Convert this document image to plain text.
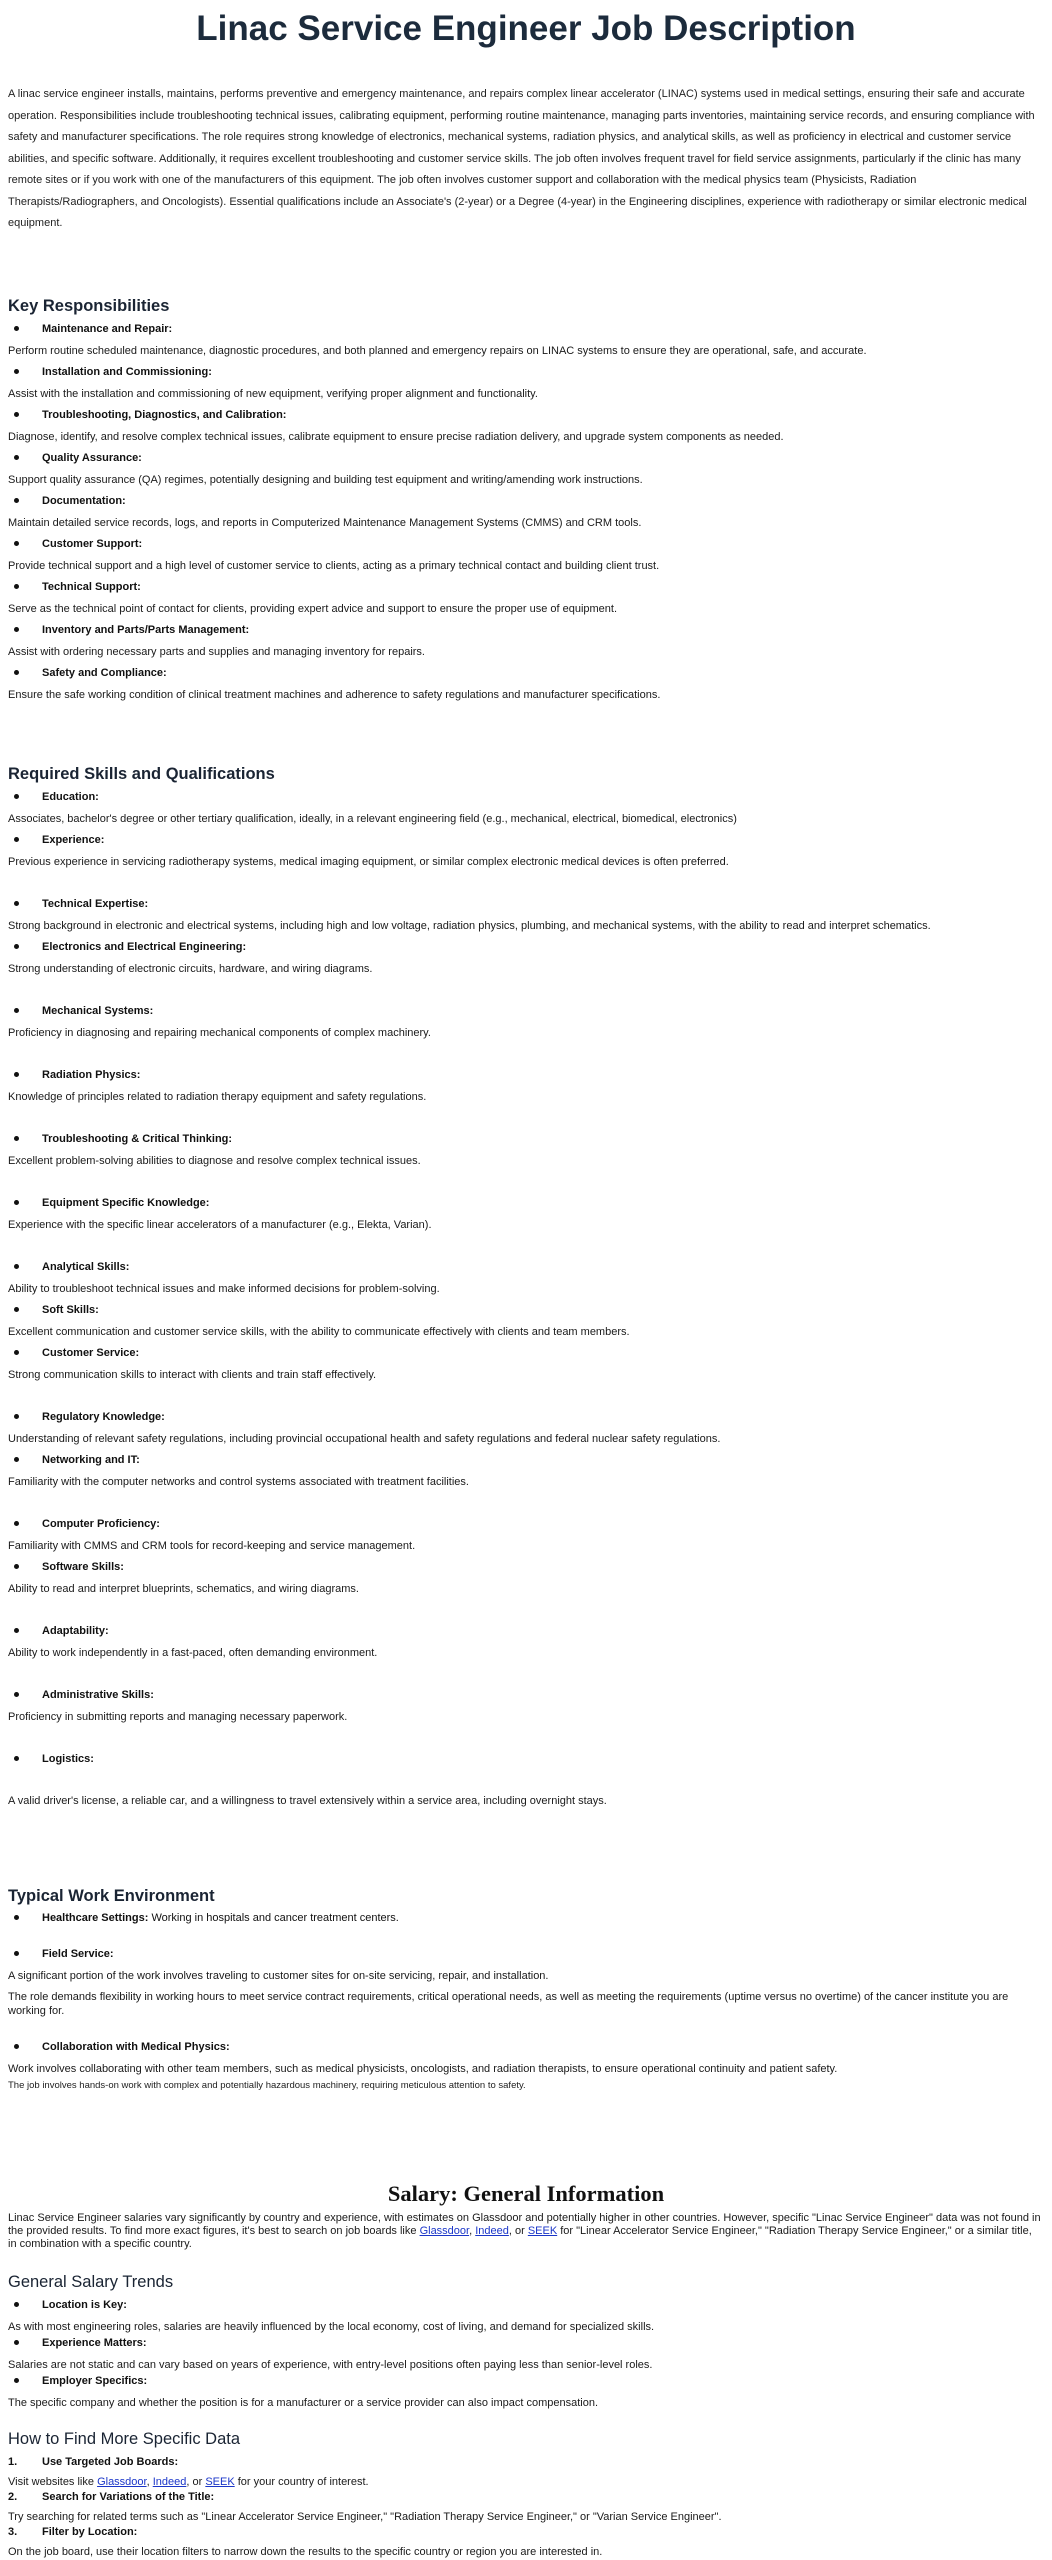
Linac Service Engineer Job Description

A linac service engineer installs, maintains, performs preventive and emergency maintenance, and repairs complex linear accelerator (LINAC) systems used in medical settings, ensuring their safe and accurate operation. Responsibilities include troubleshooting technical issues, calibrating equipment, performing routine maintenance, managing parts inventories, maintaining service records, and ensuring compliance with safety and manufacturer specifications. The role requires strong knowledge of electronics, mechanical systems, radiation physics, and analytical skills, as well as proficiency in electrical and customer service abilities, and specific software. Additionally, it requires excellent troubleshooting and customer service skills. The job often involves frequent travel for field service assignments, particularly if the clinic has many remote sites or if you work with one of the manufacturers of this equipment. The job often involves customer support and collaboration with the medical physics team (Physicists, Radiation Therapists/Radiographers, and Oncologists). Essential qualifications include an Associate's (2-year) or a Degree (4-year) in the Engineering disciplines, experience with radiotherapy or similar electronic medical equipment.

Key Responsibilities
Maintenance and Repair:
Perform routine scheduled maintenance, diagnostic procedures, and both planned and emergency repairs on LINAC systems to ensure they are operational, safe, and accurate.
Installation and Commissioning:
Assist with the installation and commissioning of new equipment, verifying proper alignment and functionality.
Troubleshooting, Diagnostics, and Calibration:
Diagnose, identify, and resolve complex technical issues, calibrate equipment to ensure precise radiation delivery, and upgrade system components as needed.
Quality Assurance:
Support quality assurance (QA) regimes, potentially designing and building test equipment and writing/amending work instructions.
Documentation:
Maintain detailed service records, logs, and reports in Computerized Maintenance Management Systems (CMMS) and CRM tools.
Customer Support:
Provide technical support and a high level of customer service to clients, acting as a primary technical contact and building client trust.
Technical Support:
Serve as the technical point of contact for clients, providing expert advice and support to ensure the proper use of equipment.
Inventory and Parts/Parts Management:
Assist with ordering necessary parts and supplies and managing inventory for repairs.
Safety and Compliance:
Ensure the safe working condition of clinical treatment machines and adherence to safety regulations and manufacturer specifications.
Required Skills and Qualifications
Education:
Associates, bachelor's degree or other tertiary qualification, ideally, in a relevant engineering field (e.g., mechanical, electrical, biomedical, electronics)
Experience:
Previous experience in servicing radiotherapy systems, medical imaging equipment, or similar complex electronic medical devices is often preferred.
Technical Expertise:
Strong background in electronic and electrical systems, including high and low voltage, radiation physics, plumbing, and mechanical systems, with the ability to read and interpret schematics.
Electronics and Electrical Engineering:
Strong understanding of electronic circuits, hardware, and wiring diagrams.
Mechanical Systems:
Proficiency in diagnosing and repairing mechanical components of complex machinery.
Radiation Physics:
Knowledge of principles related to radiation therapy equipment and safety regulations.
Troubleshooting & Critical Thinking:
Excellent problem-solving abilities to diagnose and resolve complex technical issues.
Equipment Specific Knowledge:
Experience with the specific linear accelerators of a manufacturer (e.g., Elekta, Varian).
Analytical Skills:
Ability to troubleshoot technical issues and make informed decisions for problem-solving.
Soft Skills:
Excellent communication and customer service skills, with the ability to communicate effectively with clients and team members.
Customer Service:
Strong communication skills to interact with clients and train staff effectively.
Regulatory Knowledge:
Understanding of relevant safety regulations, including provincial occupational health and safety regulations and federal nuclear safety regulations.
Networking and IT:
Familiarity with the computer networks and control systems associated with treatment facilities.
Computer Proficiency:
Familiarity with CMMS and CRM tools for record-keeping and service management.
Software Skills:
Ability to read and interpret blueprints, schematics, and wiring diagrams.
Adaptability:
Ability to work independently in a fast-paced, often demanding environment.
Administrative Skills:
Proficiency in submitting reports and managing necessary paperwork.
Logistics:
A valid driver's license, a reliable car, and a willingness to travel extensively within a service area, including overnight stays.
Typical Work Environment
Healthcare Settings: Working in hospitals and cancer treatment centers.
Field Service:
A significant portion of the work involves traveling to customer sites for on-site servicing, repair, and installation.
The role demands flexibility in working hours to meet service contract requirements, critical operational needs, as well as meeting the requirements (uptime versus no overtime) of the cancer institute you are working for.
Collaboration with Medical Physics:
Work involves collaborating with other team members, such as medical physicists, oncologists, and radiation therapists, to ensure operational continuity and patient safety.

The job involves hands-on work with complex and potentially hazardous machinery, requiring meticulous attention to safety.

Salary: General Information

Linac Service Engineer salaries vary significantly by country and experience, with estimates on Glassdoor and potentially higher in other countries. However, specific "Linac Service Engineer" data was not found in the provided results. To find more exact figures, it's best to search on job boards like Glassdoor, Indeed, or SEEK for "Linear Accelerator Service Engineer," "Radiation Therapy Service Engineer," or a similar title, in combination with a specific country.

General Salary Trends
Location is Key:
As with most engineering roles, salaries are heavily influenced by the local economy, cost of living, and demand for specialized skills.
Experience Matters:
Salaries are not static and can vary based on years of experience, with entry-level positions often paying less than senior-level roles.
Employer Specifics:
The specific company and whether the position is for a manufacturer or a service provider can also impact compensation.
How to Find More Specific Data
1. Use Targeted Job Boards:
Visit websites like Glassdoor, Indeed, or SEEK for your country of interest.
2. Search for Variations of the Title:
Try searching for related terms such as "Linear Accelerator Service Engineer," "Radiation Therapy Service Engineer," or "Varian Service Engineer".
3. Filter by Location:
On the job board, use their location filters to narrow down the results to the specific country or region you are interested in.
